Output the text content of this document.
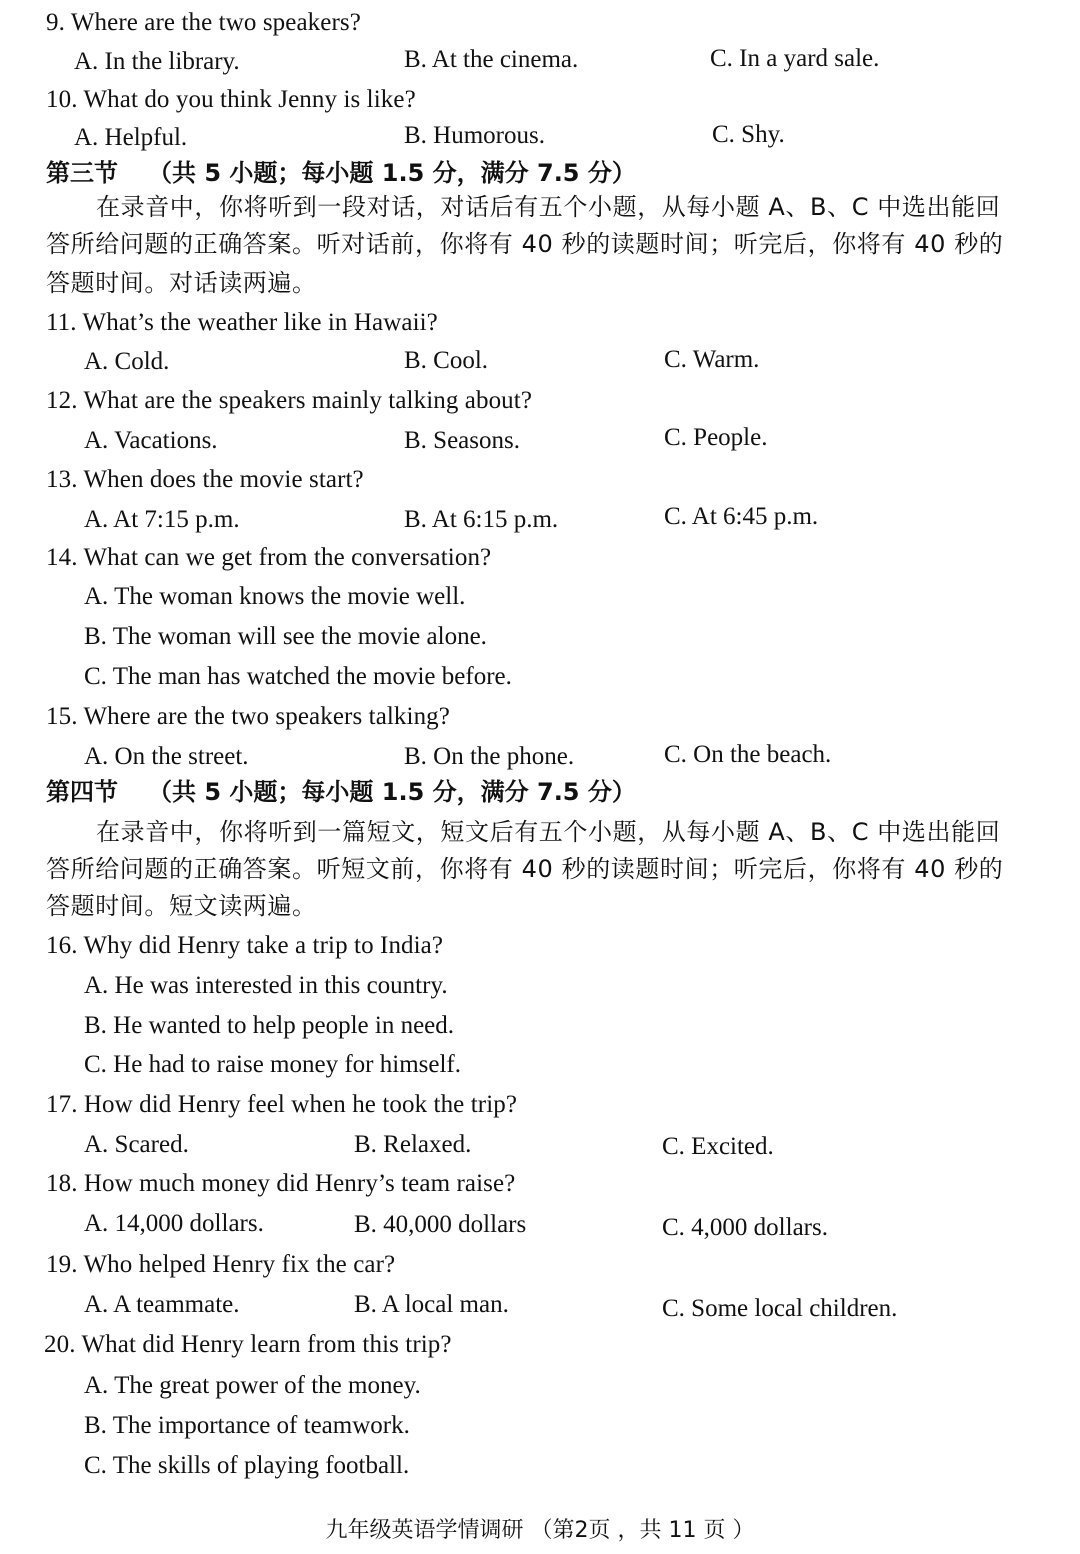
9. Where are the two speakers?
A. In the library.	B. At the cinema.	C. In a yard sale.
10. What do you think Jenny is like?
A. Helpful.	B. Humorous.	C. Shy.
第三节 （共 5 小题；每小题 1.5 分，满分 7.5 分）
在录音中，你将听到一段对话，对话后有五个小题，从每小题 A、B、C 中选出能回
答所给问题的正确答案。听对话前，你将有 40 秒的读题时间；听完后，你将有 40 秒的
答题时间。对话读两遍。
11. What’s the weather like in Hawaii?
A. Cold.	B. Cool.	C. Warm.
12. What are the speakers mainly talking about?
A. Vacations.	B. Seasons.	C. People.
13. When does the movie start?
A. At 7:15 p.m.	B. At 6:15 p.m.	C. At 6:45 p.m.
14. What can we get from the conversation?
A. The woman knows the movie well.
B. The woman will see the movie alone.
C. The man has watched the movie before.
15. Where are the two speakers talking?
A. On the street.	B. On the phone.	C. On the beach.
第四节 （共 5 小题；每小题 1.5 分，满分 7.5 分）
在录音中，你将听到一篇短文，短文后有五个小题，从每小题 A、B、C 中选出能回
答所给问题的正确答案。听短文前，你将有 40 秒的读题时间；听完后，你将有 40 秒的
答题时间。短文读两遍。
16. Why did Henry take a trip to India?
A. He was interested in this country.
B. He wanted to help people in need.
C. He had to raise money for himself.
17. How did Henry feel when he took the trip?
A. Scared.	B. Relaxed.	C. Excited.
18. How much money did Henry’s team raise?
A. 14,000 dollars.	B. 40,000 dollars	C. 4,000 dollars.
19. Who helped Henry fix the car?
A. A teammate.	B. A local man.	C. Some local children.
20. What did Henry learn from this trip?
A. The great power of the money.
B. The importance of teamwork.
C. The skills of playing football.
九年级英语学情调研 （第2页 ，共 11 页 ）
